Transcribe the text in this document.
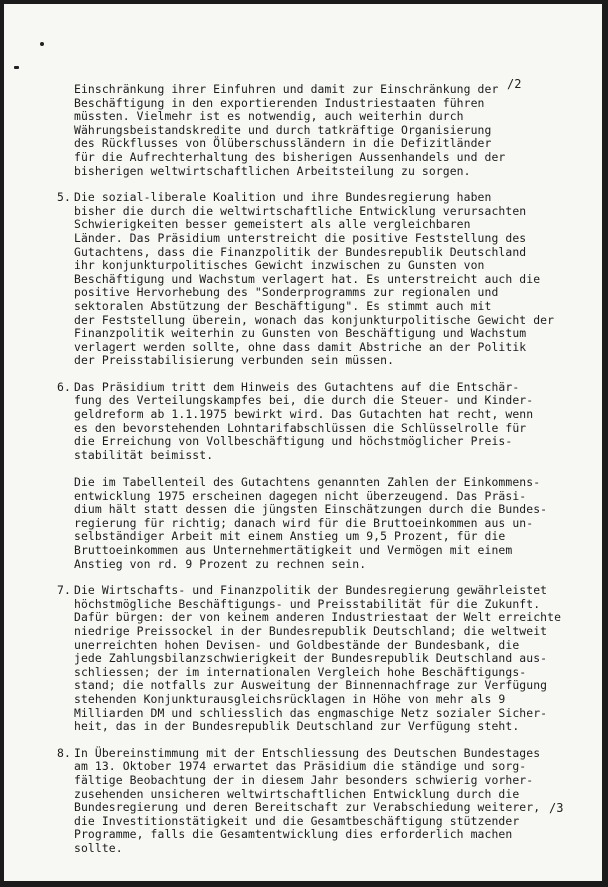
/2
/3
Einschränkung ihrer Einfuhren und damit zur Einschränkung der
Beschäftigung in den exportierenden Industriestaaten führen
müssten. Vielmehr ist es notwendig, auch weiterhin durch
Währungsbeistandskredite und durch tatkräftige Organisierung
des Rückflusses von Ölüberschussländern in die Defizitländer
für die Aufrechterhaltung des bisherigen Aussenhandels und der
bisherigen weltwirtschaftlichen Arbeitsteilung zu sorgen.
5. Die sozial-liberale Koalition und ihre Bundesregierung haben
bisher die durch die weltwirtschaftliche Entwicklung verursachten
Schwierigkeiten besser gemeistert als alle vergleichbaren
Länder. Das Präsidium unterstreicht die positive Feststellung des
Gutachtens, dass die Finanzpolitik der Bundesrepublik Deutschland
ihr konjunkturpolitisches Gewicht inzwischen zu Gunsten von
Beschäftigung und Wachstum verlagert hat. Es unterstreicht auch die
positive Hervorhebung des "Sonderprogramms zur regionalen und
sektoralen Abstützung der Beschäftigung". Es stimmt auch mit
der Feststellung überein, wonach das konjunkturpolitische Gewicht der
Finanzpolitik weiterhin zu Gunsten von Beschäftigung und Wachstum
verlagert werden sollte, ohne dass damit Abstriche an der Politik
der Preisstabilisierung verbunden sein müssen.
6. Das Präsidium tritt dem Hinweis des Gutachtens auf die Entschär-
fung des Verteilungskampfes bei, die durch die Steuer- und Kinder-
geldreform ab 1.1.1975 bewirkt wird. Das Gutachten hat recht, wenn
es den bevorstehenden Lohntarifabschlüssen die Schlüsselrolle für
die Erreichung von Vollbeschäftigung und höchstmöglicher Preis-
stabilität beimisst.
Die im Tabellenteil des Gutachtens genannten Zahlen der Einkommens-
entwicklung 1975 erscheinen dagegen nicht überzeugend. Das Präsi-
dium hält statt dessen die jüngsten Einschätzungen durch die Bundes-
regierung für richtig; danach wird für die Bruttoeinkommen aus un-
selbständiger Arbeit mit einem Anstieg um 9,5 Prozent, für die
Bruttoeinkommen aus Unternehmertätigkeit und Vermögen mit einem
Anstieg von rd. 9 Prozent zu rechnen sein.
7. Die Wirtschafts- und Finanzpolitik der Bundesregierung gewährleistet
höchstmögliche Beschäftigungs- und Preisstabilität für die Zukunft.
Dafür bürgen: der von keinem anderen Industriestaat der Welt erreichte
niedrige Preissockel in der Bundesrepublik Deutschland; die weltweit
unerreichten hohen Devisen- und Goldbestände der Bundesbank, die
jede Zahlungsbilanzschwierigkeit der Bundesrepublik Deutschland aus-
schliessen; der im internationalen Vergleich hohe Beschäftigungs-
stand; die notfalls zur Ausweitung der Binnennachfrage zur Verfügung
stehenden Konjunkturausgleichsrücklagen in Höhe von mehr als 9
Milliarden DM und schliesslich das engmaschige Netz sozialer Sicher-
heit, das in der Bundesrepublik Deutschland zur Verfügung steht.
8. In Übereinstimmung mit der Entschliessung des Deutschen Bundestages
am 13. Oktober 1974 erwartet das Präsidium die ständige und sorg-
fältige Beobachtung der in diesem Jahr besonders schwierig vorher-
zusehenden unsicheren weltwirtschaftlichen Entwicklung durch die
Bundesregierung und deren Bereitschaft zur Verabschiedung weiterer,
die Investitionstätigkeit und die Gesamtbeschäftigung stützender
Programme, falls die Gesamtentwicklung dies erforderlich machen
sollte.
